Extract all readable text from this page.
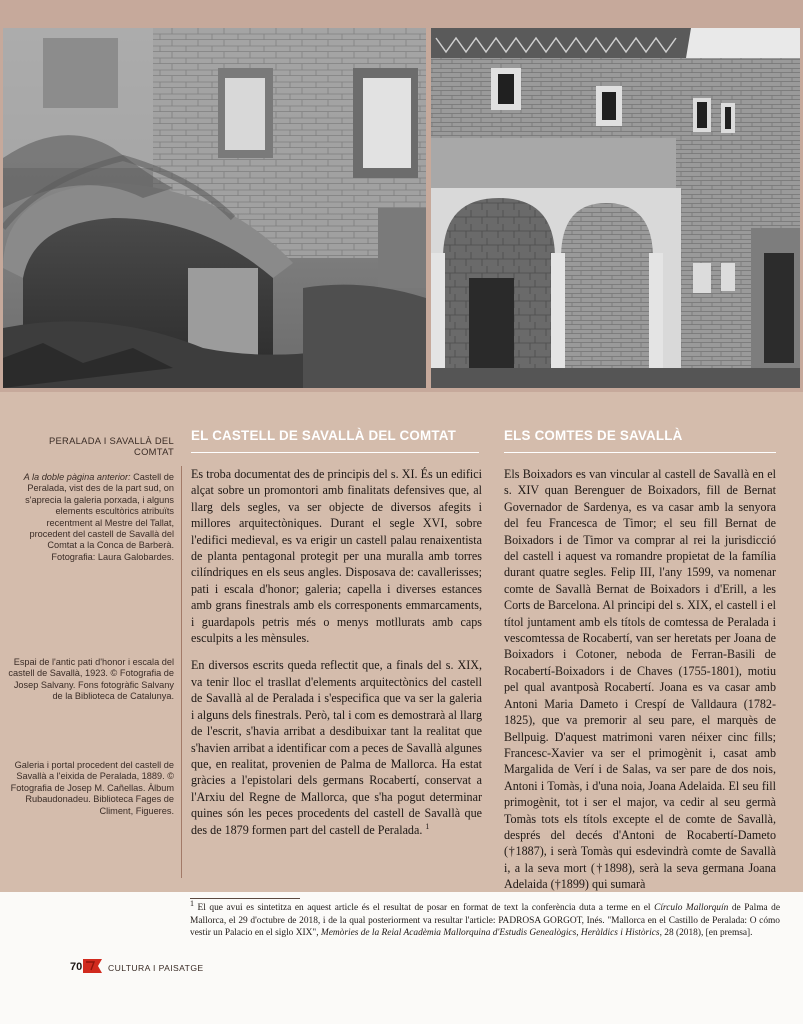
PERALADA I SAVALLÀ DEL COMTAT
A la doble pàgina anterior: Castell de Peralada, vist des de la part sud, on s'aprecia la galeria porxada, i alguns elements escultòrics atribuïts recentment al Mestre del Tallat, procedent del castell de Savallà del Comtat a la Conca de Barberà. Fotografia: Laura Galobardes.
Espai de l'antic pati d'honor i escala del castell de Savallà, 1923. © Fotografia de Josep Salvany. Fons fotogràfic Salvany de la Biblioteca de Catalunya.
Galeria i portal procedent del castell de Savallà a l'eixida de Peralada, 1889. © Fotografia de Josep M. Cañellas. Àlbum Rubaudonadeu. Biblioteca Fages de Climent, Figueres.
EL CASTELL DE SAVALLÀ DEL COMTAT	ELS COMTES DE SAVALLÀ

Es troba documentat des de principis del s. XI. És un edifici alçat sobre un promontori amb finalitats defensives que, al llarg dels segles, va ser objecte de diversos afegits i millores arquitectòniques. Durant el segle XVI, sobre l'edifici medieval, es va erigir un castell palau renaixentista de planta pentagonal protegit per una muralla amb torres cilíndriques en els seus angles. Disposava de: cavallerisses; pati i escala d'honor; galeria; capella i diverses estances amb grans finestrals amb els corresponents emmarcaments, i guardapols petris més o menys motllurats amb caps esculpits a les mènsules.

En diversos escrits queda reflectit que, a finals del s. XIX, va tenir lloc el trasllat d'elements arquitectònics del castell de Savallà al de Peralada i s'especifica que va ser la galeria i alguns dels finestrals. Però, tal i com es demostrarà al llarg de l'escrit, s'havia arribat a desdibuixar tant la realitat que s'havien arribat a identificar com a peces de Savallà algunes que, en realitat, provenien de Palma de Mallorca. Ha estat gràcies a l'epistolari dels germans Rocabertí, conservat a l'Arxiu del Regne de Mallorca, que s'ha pogut determinar quines són les peces procedents del castell de Savallà que des de 1879 formen part del castell de Peralada. $^1$

Els Boixadors es van vincular al castell de Savallà en el s. XIV quan Berenguer de Boixadors, fill de Bernat Governador de Sardenya, es va casar amb la senyora del feu Francesca de Timor; el seu fill Bernat de Boixadors i de Timor va comprar al rei la jurisdicció del castell i aquest va romandre propietat de la família durant quatre segles. Felip III, l'any 1599, va nomenar comte de Savallà Bernat de Boixadors i d'Erill, a les Corts de Barcelona. Al principi del s. XIX, el castell i el títol juntament amb els títols de comtessa de Peralada i vescomtessa de Rocabertí, van ser heretats per Joana de Boixadors i Cotoner, neboda de Ferran-Basili de Rocabertí-Boixadors i de Chaves (1755-1801), motiu pel qual avantposà Rocabertí. Joana es va casar amb Antoni Maria Dameto i Crespí de Valldaura (1782-1825), que va premorir al seu pare, el marquès de Bellpuig. D'aquest matrimoni varen néixer cinc fills; Francesc-Xavier va ser el primogènit i, casat amb Margalida de Verí i de Salas, va ser pare de dos nois, Antoni i Tomàs, i d'una noia, Joana Adelaida. El seu fill primogènit, tot i ser el major, va cedir al seu germà Tomàs tots els títols excepte el de comte de Savallà, després del decés d'Antoni de Rocabertí-Dameto (†1887), i serà Tomàs qui esdevindrà comte de Savallà i, a la seva mort (†1898), serà la seva germana Joana Adelaida (†1899) qui sumarà

$^1$ El que avui es sintetitza en aquest article és el resultat de posar en format de text la conferència duta a terme en el Círculo Mallorquín de Palma de Mallorca, el 29 d'octubre de 2018, i de la qual posteriorment va resultar l'article: PADROSA GORGOT, Inés. "Mallorca en el Castillo de Peralada: O cómo vestir un Palacio en el siglo XIX", Memòries de la Reial Acadèmia Mallorquina d'Estudis Genealògics, Heràldics i Històrics, 28 (2018), [en premsa].
70	CULTURA I PAISATGE
